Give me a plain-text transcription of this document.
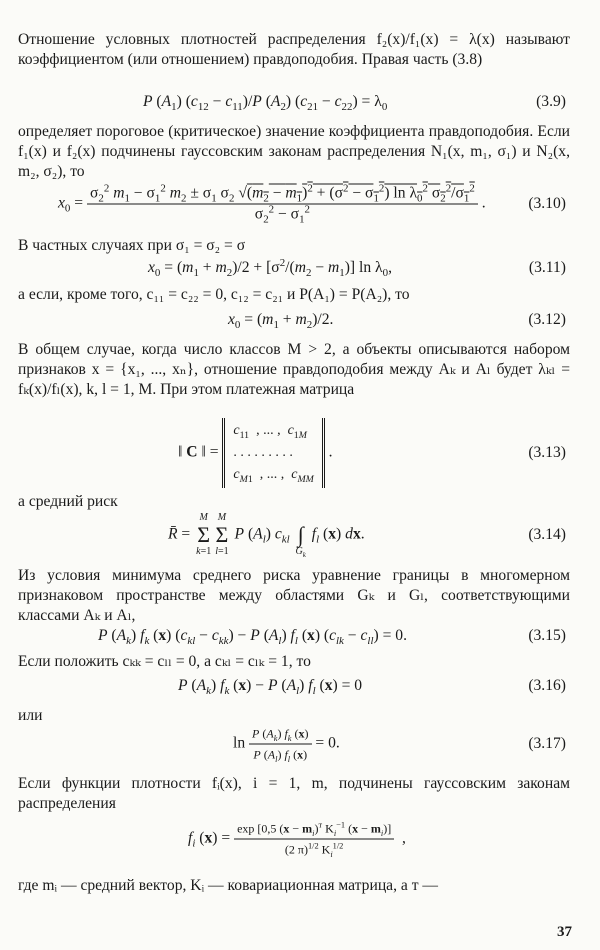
Отношение условных плотностей распределения f₂(x)/f₁(x) = λ(x) называют коэффициентом (или отношением) правдоподобия. Правая часть (3.8)

P $(A_1) (c_{12} - c_{11})/P$ $(A_2) (c_{21} - c_{22}) = \lambda_0$	(3.9)

определяет пороговое (критическое) значение коэффициента правдоподобия. Если f₁(x) и f₂(x) подчинены гауссовским законам распределения N₁(x, m₁, σ₁) и N₂(x, m₂, σ₂), то

$x_0$ =
$\sigma_2^2$ $m_1 - \sigma_1^2$ $m_2 \pm \sigma_1$ $\sigma_2$ $√(m_2 - m_1)^2 + (\sigma^2 - \sigma_1^2)$ $\ln \lambda_0^2$ $\sigma_2^2/\sigma_1^2$
$\sigma_2^2 - \sigma_1^2$	.	(3.10)

В частных случаях при σ₁ = σ₂ = σ

$x_0 = (m_1 + m_2)/2 + [\sigma^2/(m_2 - m_1)]$ $\ln \lambda_0$,	(3.11)

а если, кроме того, c₁₁ = c₂₂ = 0, c₁₂ = c₂₁ и P(A₁) = P(A₂), то

$x_0 = (m_1 + m_2)/2$.	(3.12)

В общем случае, когда число классов M > 2, а объекты описываются набором признаков x = {x₁, ..., xₙ}, отношение правдоподобия между Aₖ и Aₗ будет λₖₗ = fₖ(x)/fₗ(x), k, l = 1, M. При этом платежная матрица

‖ C ‖ =
$c_{11}$  , ... ,  $c_{1M}$
. . . . . . . . .
$c_{M1}$  , ... ,  $c_{MM}$
.	(3.13)

а средний риск

R̄ = M
Σ
k=1M
Σ
l=1 P $(A_l)$ $c_{kl}$ ∫
$G_k$ $f_l$ (x) dx.	(3.14)

Из условия минимума среднего риска уравнение границы в многомерном признаковом пространстве между областями Gₖ и Gₗ, соответствующими классами Aₖ и Aₗ,

P $(A_k)$ $f_k$ (x) $(c_{kl} - c_{kk}) - P$ $(A_l)$ $f_l$ (x) $(c_{lk} - c_{ll}) = 0$.	(3.15)

Если положить cₖₖ = cₗₗ = 0, а cₖₗ = cₗₖ = 1, то

P $(A_k)$ $f_k$ (x) − P $(A_l)$ $f_l$ (x) = 0	(3.16)

или

$\ln \frac{P (A_k) f_k (x)}{P (A_l) f_l (x)} = 0$.	(3.17)

Если функции плотности fᵢ(x), i = 1, m, подчинены гауссовским законам распределения

$f_i$ $(x) = \frac{\exp [0,5 (x - m_i)^т K_i^{-1} (x - m_i)]}{(2 \pi)^{1/2} K_i^{1/2}}$ ,

где mᵢ — средний вектор, Kᵢ — ковариационная матрица, а т —

37
